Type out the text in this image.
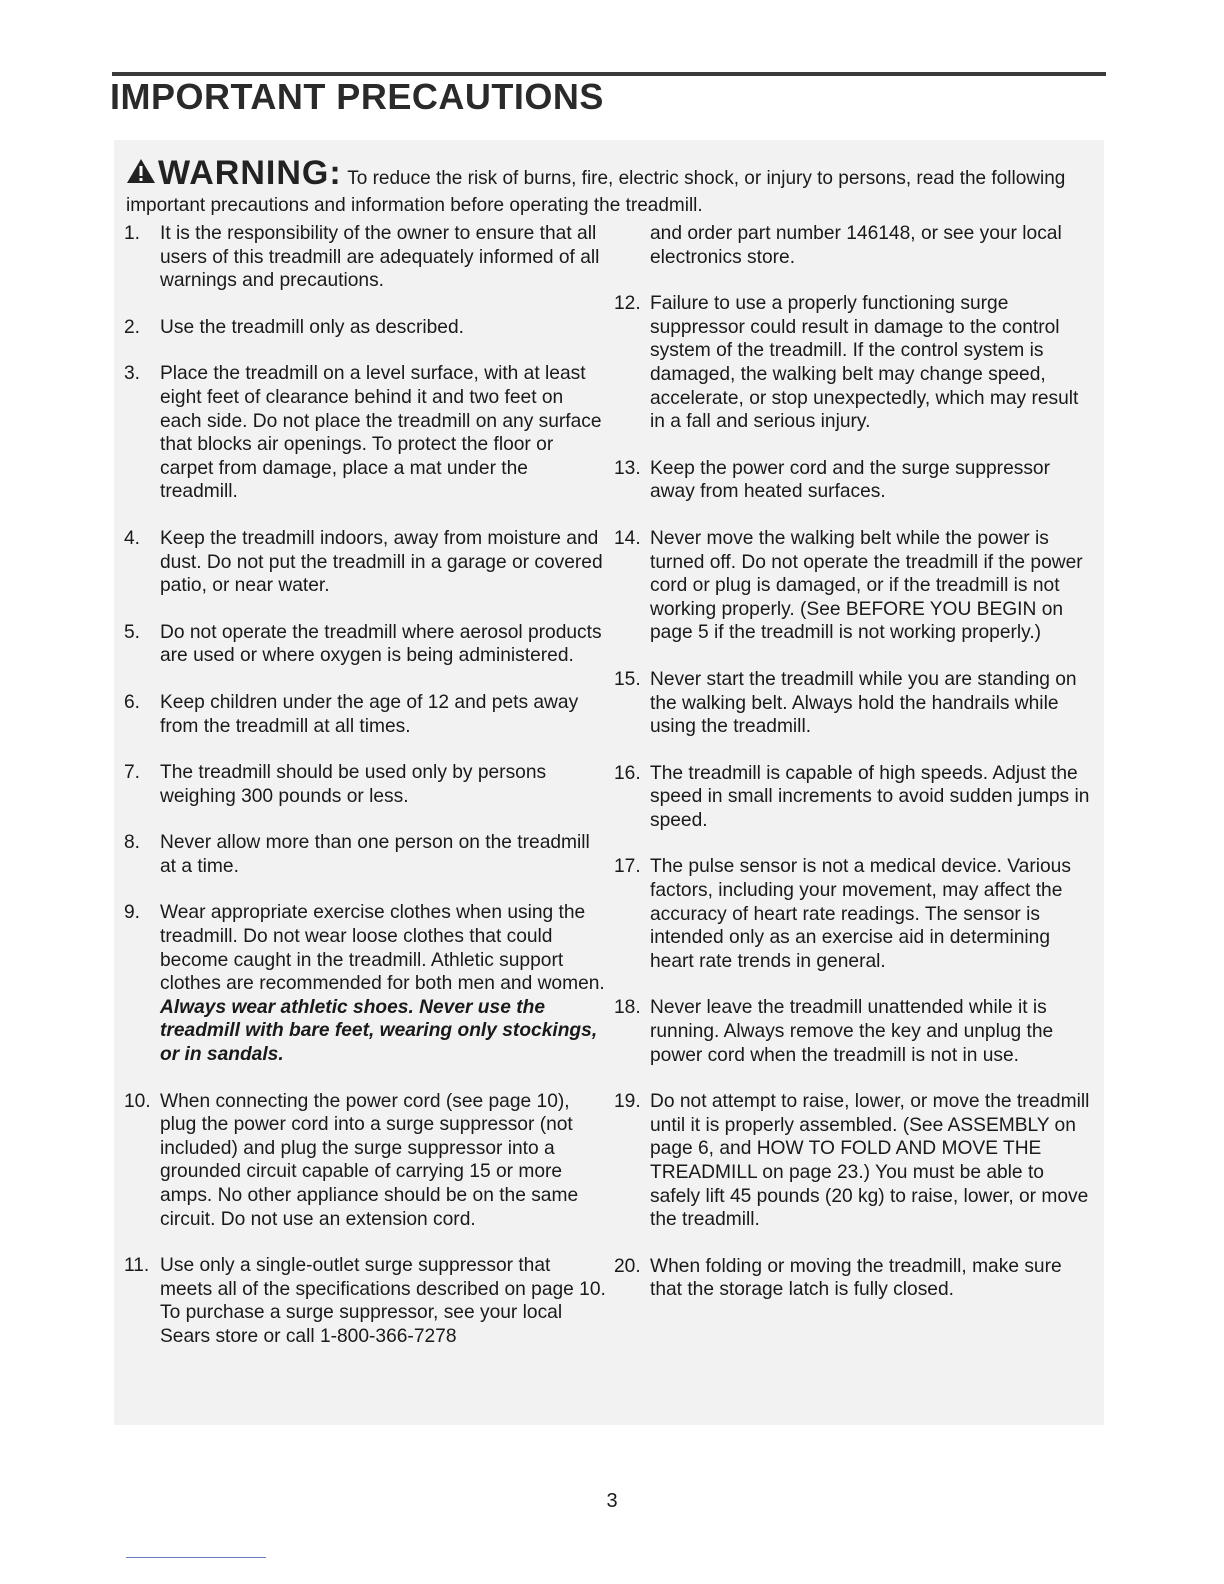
IMPORTANT PRECAUTIONS
WARNING: To reduce the risk of burns, fire, electric shock, or injury to persons, read the following important precautions and information before operating the treadmill.
1.	It is the responsibility of the owner to ensure that all users of this treadmill are adequately informed of all warnings and precautions.
2.	Use the treadmill only as described.
3.	Place the treadmill on a level surface, with at least eight feet of clearance behind it and two feet on each side. Do not place the treadmill on any surface that blocks air openings. To protect the floor or carpet from damage, place a mat under the treadmill.
4.	Keep the treadmill indoors, away from moisture and dust. Do not put the treadmill in a garage or covered patio, or near water.
5.	Do not operate the treadmill where aerosol products are used or where oxygen is being administered.
6.	Keep children under the age of 12 and pets away from the treadmill at all times.
7.	The treadmill should be used only by persons weighing 300 pounds or less.
8.	Never allow more than one person on the treadmill at a time.
9.	Wear appropriate exercise clothes when using the treadmill. Do not wear loose clothes that could become caught in the treadmill. Athletic support clothes are recommended for both men and women. Always wear athletic shoes. Never use the treadmill with bare feet, wearing only stockings, or in sandals.
10. When connecting the power cord (see page 10), plug the power cord into a surge suppressor (not included) and plug the surge suppressor into a grounded circuit capable of carrying 15 or more amps. No other appliance should be on the same circuit. Do not use an extension cord.
11. Use only a single-outlet surge suppressor that meets all of the specifications described on page 10. To purchase a surge suppressor, see your local Sears store or call 1-800-366-7278
and order part number 146148, or see your local electronics store.
12. Failure to use a properly functioning surge suppressor could result in damage to the control system of the treadmill. If the control system is damaged, the walking belt may change speed, accelerate, or stop unexpectedly, which may result in a fall and serious injury.
13. Keep the power cord and the surge suppressor away from heated surfaces.
14. Never move the walking belt while the power is turned off. Do not operate the treadmill if the power cord or plug is damaged, or if the treadmill is not working properly. (See BEFORE YOU BEGIN on page 5 if the treadmill is not working properly.)
15. Never start the treadmill while you are standing on the walking belt. Always hold the handrails while using the treadmill.
16. The treadmill is capable of high speeds. Adjust the speed in small increments to avoid sudden jumps in speed.
17. The pulse sensor is not a medical device. Various factors, including your movement, may affect the accuracy of heart rate readings. The sensor is intended only as an exercise aid in determining heart rate trends in general.
18. Never leave the treadmill unattended while it is running. Always remove the key and unplug the power cord when the treadmill is not in use.
19. Do not attempt to raise, lower, or move the treadmill until it is properly assembled. (See ASSEMBLY on page 6, and HOW TO FOLD AND MOVE THE TREADMILL on page 23.) You must be able to safely lift 45 pounds (20 kg) to raise, lower, or move the treadmill.
20. When folding or moving the treadmill, make sure that the storage latch is fully closed.
3
